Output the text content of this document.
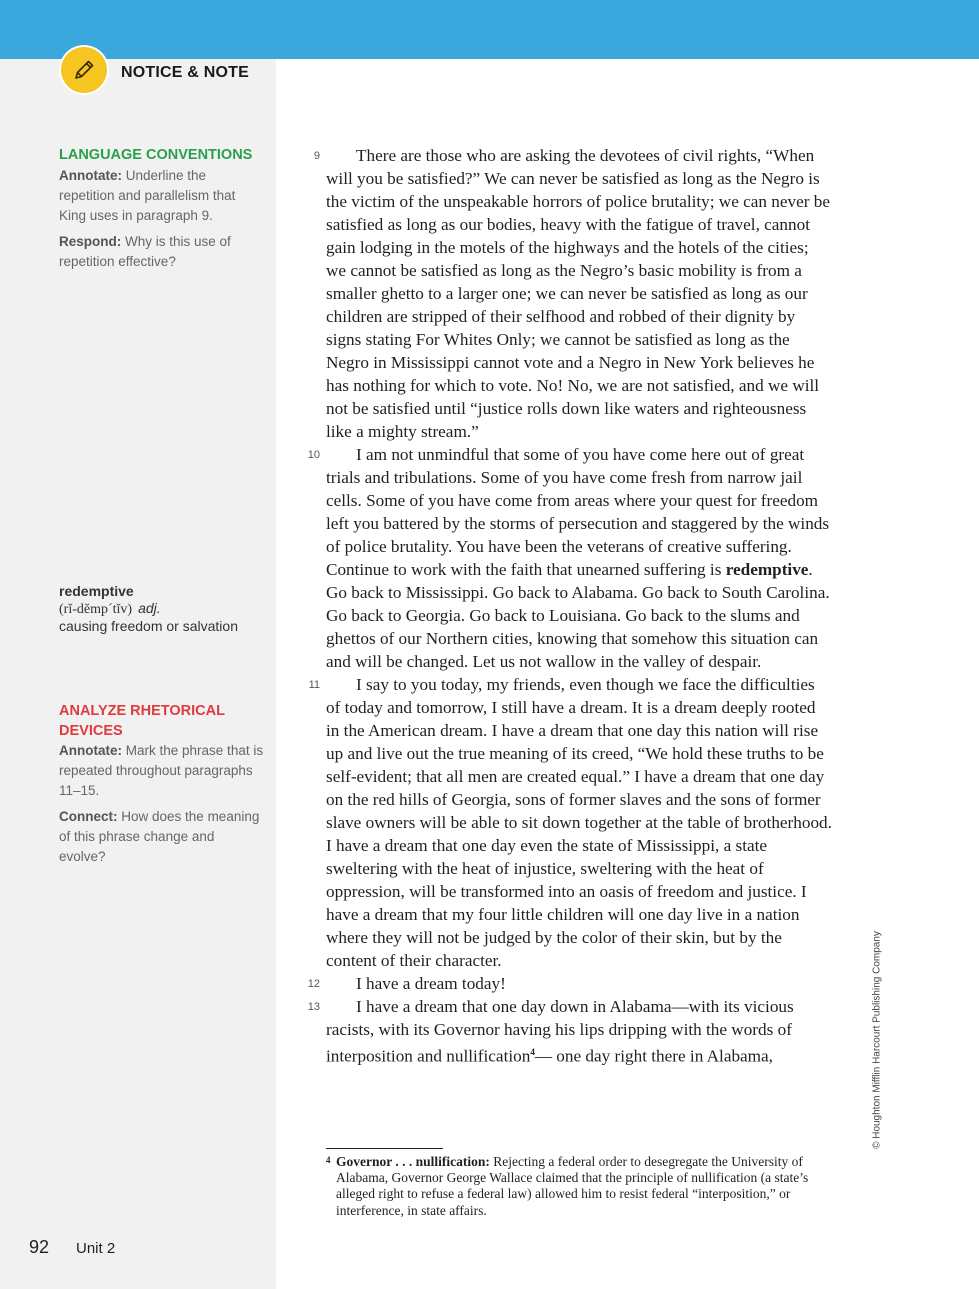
NOTICE & NOTE
LANGUAGE CONVENTIONS

Annotate: Underline the repetition and parallelism that King uses in paragraph 9.

Respond: Why is this use of repetition effective?

redemptive
(rĭ-dĕmp´tĭv) adj.
causing freedom or salvation
ANALYZE RHETORICAL DEVICES

Annotate: Mark the phrase that is repeated throughout paragraphs 11–15.

Connect: How does the meaning of this phrase change and evolve?

9 There are those who are asking the devotees of civil rights, “When will you be satisfied?” We can never be satisfied as long as the Negro is the victim of the unspeakable horrors of police brutality; we can never be satisfied as long as our bodies, heavy with the fatigue of travel, cannot gain lodging in the motels of the highways and the hotels of the cities; we cannot be satisfied as long as the Negro’s basic mobility is from a smaller ghetto to a larger one; we can never be satisfied as long as our children are stripped of their selfhood and robbed of their dignity by signs stating For Whites Only; we cannot be satisfied as long as the Negro in Mississippi cannot vote and a Negro in New York believes he has nothing for which to vote. No! No, we are not satisfied, and we will not be satisfied until “justice rolls down like waters and righteousness like a mighty stream.”

10 I am not unmindful that some of you have come here out of great trials and tribulations. Some of you have come fresh from narrow jail cells. Some of you have come from areas where your quest for freedom left you battered by the storms of persecution and staggered by the winds of police brutality. You have been the veterans of creative suffering. Continue to work with the faith that unearned suffering is redemptive. Go back to Mississippi. Go back to Alabama. Go back to South Carolina. Go back to Georgia. Go back to Louisiana. Go back to the slums and ghettos of our Northern cities, knowing that somehow this situation can and will be changed. Let us not wallow in the valley of despair.

11 I say to you today, my friends, even though we face the difficulties of today and tomorrow, I still have a dream. It is a dream deeply rooted in the American dream. I have a dream that one day this nation will rise up and live out the true meaning of its creed, “We hold these truths to be self-evident; that all men are created equal.” I have a dream that one day on the red hills of Georgia, sons of former slaves and the sons of former slave owners will be able to sit down together at the table of brotherhood. I have a dream that one day even the state of Mississippi, a state sweltering with the heat of injustice, sweltering with the heat of oppression, will be transformed into an oasis of freedom and justice. I have a dream that my four little children will one day live in a nation where they will not be judged by the color of their skin, but by the content of their character.

12 I have a dream today!

13 I have a dream that one day down in Alabama—with its vicious racists, with its Governor having his lips dripping with the words of interposition and nullification$^4$— one day right there in Alabama,

4 Governor . . . nullification: Rejecting a federal order to desegregate the University of Alabama, Governor George Wallace claimed that the principle of nullification (a state’s alleged right to refuse a federal law) allowed him to resist federal “interposition,” or interference, in state affairs.
© Houghton Mifflin Harcourt Publishing Company
92 Unit 2
